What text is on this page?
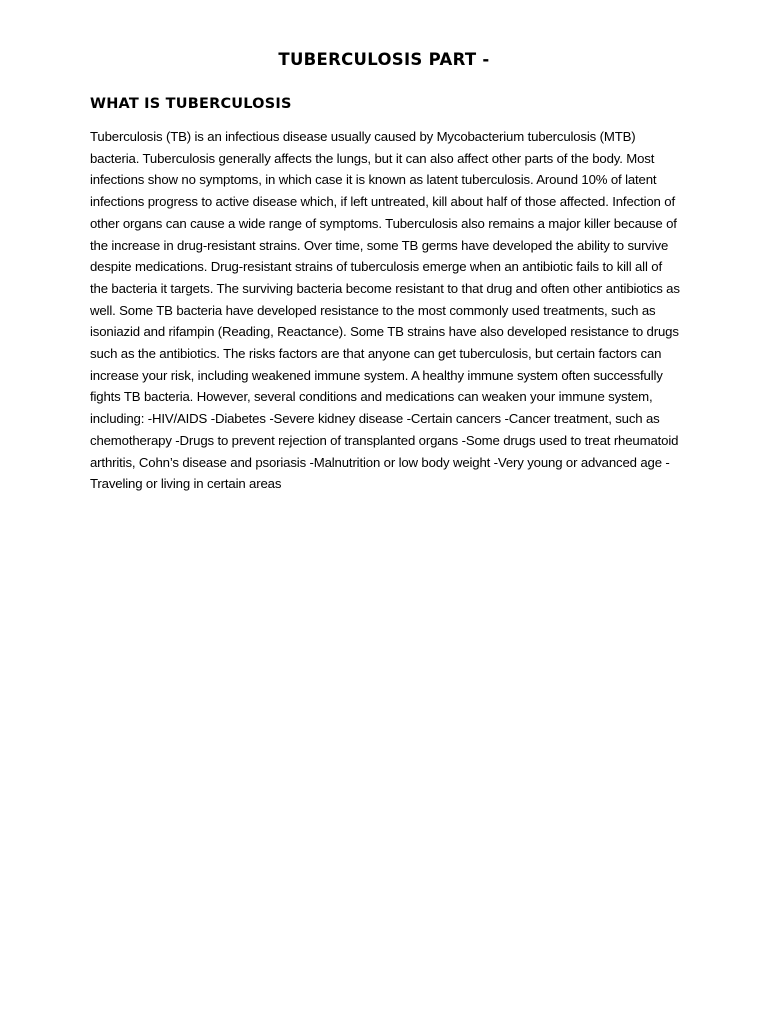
TUBERCULOSIS PART -
WHAT IS TUBERCULOSIS

Tuberculosis (TB) is an infectious disease usually caused by Mycobacterium tuberculosis (MTB) bacteria. Tuberculosis generally affects the lungs, but it can also affect other parts of the body. Most infections show no symptoms, in which case it is known as latent tuberculosis. Around 10% of latent infections progress to active disease which, if left untreated, kill about half of those affected. Infection of other organs can cause a wide range of symptoms. Tuberculosis also remains a major killer because of the increase in drug-resistant strains. Over time, some TB germs have developed the ability to survive despite medications. Drug-resistant strains of tuberculosis emerge when an antibiotic fails to kill all of the bacteria it targets. The surviving bacteria become resistant to that drug and often other antibiotics as well. Some TB bacteria have developed resistance to the most commonly used treatments, such as isoniazid and rifampin (Reading, Reactance). Some TB strains have also developed resistance to drugs such as the antibiotics. The risks factors are that anyone can get tuberculosis, but certain factors can increase your risk, including weakened immune system. A healthy immune system often successfully fights TB bacteria. However, several conditions and medications can weaken your immune system, including: -HIV/AIDS -Diabetes -Severe kidney disease -Certain cancers -Cancer treatment, such as chemotherapy -Drugs to prevent rejection of transplanted organs -Some drugs used to treat rheumatoid arthritis, Cohn’s disease and psoriasis -Malnutrition or low body weight -Very young or advanced age -Traveling or living in certain areas
